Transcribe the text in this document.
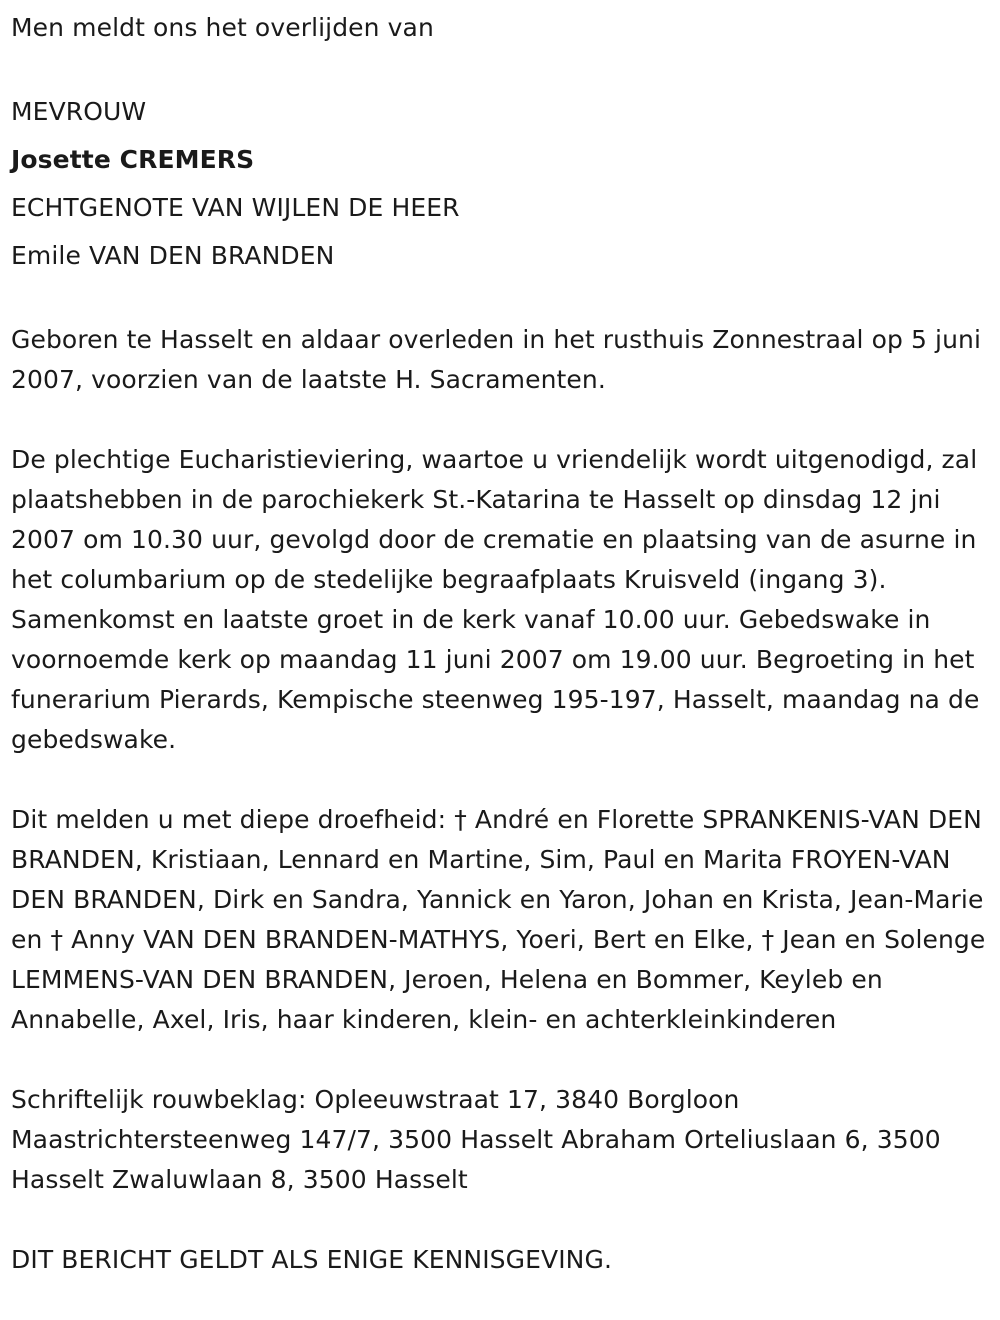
Men meldt ons het overlijden van

MEVROUW

Josette CREMERS

ECHTGENOTE VAN WIJLEN DE HEER

Emile VAN DEN BRANDEN

Geboren te Hasselt en aldaar overleden in het rusthuis Zonnestraal op 5 juni 2007, voorzien van de laatste H. Sacramenten.

De plechtige Eucharistieviering, waartoe u vriendelijk wordt uitgenodigd, zal plaatshebben in de parochiekerk St.-Katarina te Hasselt op dinsdag 12 jni 2007 om 10.30 uur, gevolgd door de crematie en plaatsing van de asurne in het columbarium op de stedelijke begraafplaats Kruisveld (ingang 3). Samenkomst en laatste groet in de kerk vanaf 10.00 uur. Gebedswake in voornoemde kerk op maandag 11 juni 2007 om 19.00 uur. Begroeting in het funerarium Pierards, Kempische steenweg 195-197, Hasselt, maandag na de gebedswake.

Dit melden u met diepe droefheid: † André en Florette SPRANKENIS-VAN DEN BRANDEN, Kristiaan, Lennard en Martine, Sim, Paul en Marita FROYEN-VAN DEN BRANDEN, Dirk en Sandra, Yannick en Yaron, Johan en Krista, Jean-Marie en † Anny VAN DEN BRANDEN-MATHYS, Yoeri, Bert en Elke, † Jean en Solenge LEMMENS-VAN DEN BRANDEN, Jeroen, Helena en Bommer, Keyleb en Annabelle, Axel, Iris, haar kinderen, klein- en achterkleinkinderen

Schriftelijk rouwbeklag: Opleeuwstraat 17, 3840 Borgloon Maastrichtersteenweg 147/7, 3500 Hasselt Abraham Orteliuslaan 6, 3500 Hasselt Zwaluwlaan 8, 3500 Hasselt

DIT BERICHT GELDT ALS ENIGE KENNISGEVING.
